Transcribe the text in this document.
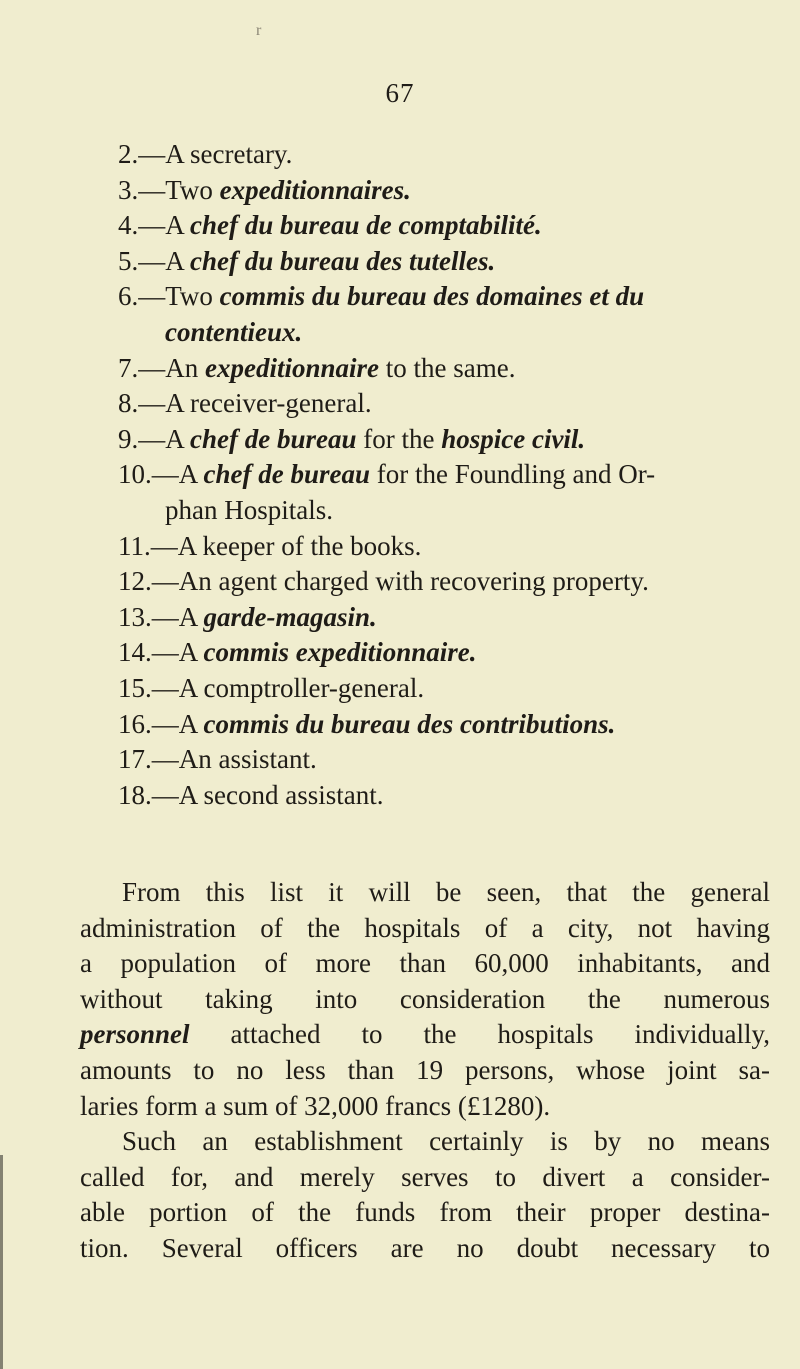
r
67
2.—A secretary.
3.—Two expeditionnaires.
4.—A chef du bureau de comptabilité.
5.—A chef du bureau des tutelles.
6.—Two commis du bureau des domaines et du
contentieux.
7.—An expeditionnaire to the same.
8.—A receiver-general.
9.—A chef de bureau for the hospice civil.
10.—A chef de bureau for the Foundling and Or-
phan Hospitals.
11.—A keeper of the books.
12.—An agent charged with recovering property.
13.—A garde-magasin.
14.—A commis expeditionnaire.
15.—A comptroller-general.
16.—A commis du bureau des contributions.
17.—An assistant.
18.—A second assistant.
From this list it will be seen, that the general
administration of the hospitals of a city, not having
a population of more than 60,000 inhabitants, and
without taking into consideration the numerous
personnel attached to the hospitals individually,
amounts to no less than 19 persons, whose joint sa-
laries form a sum of 32,000 francs (£1280).
Such an establishment certainly is by no means
called for, and merely serves to divert a consider-
able portion of the funds from their proper destina-
tion. Several officers are no doubt necessary to
